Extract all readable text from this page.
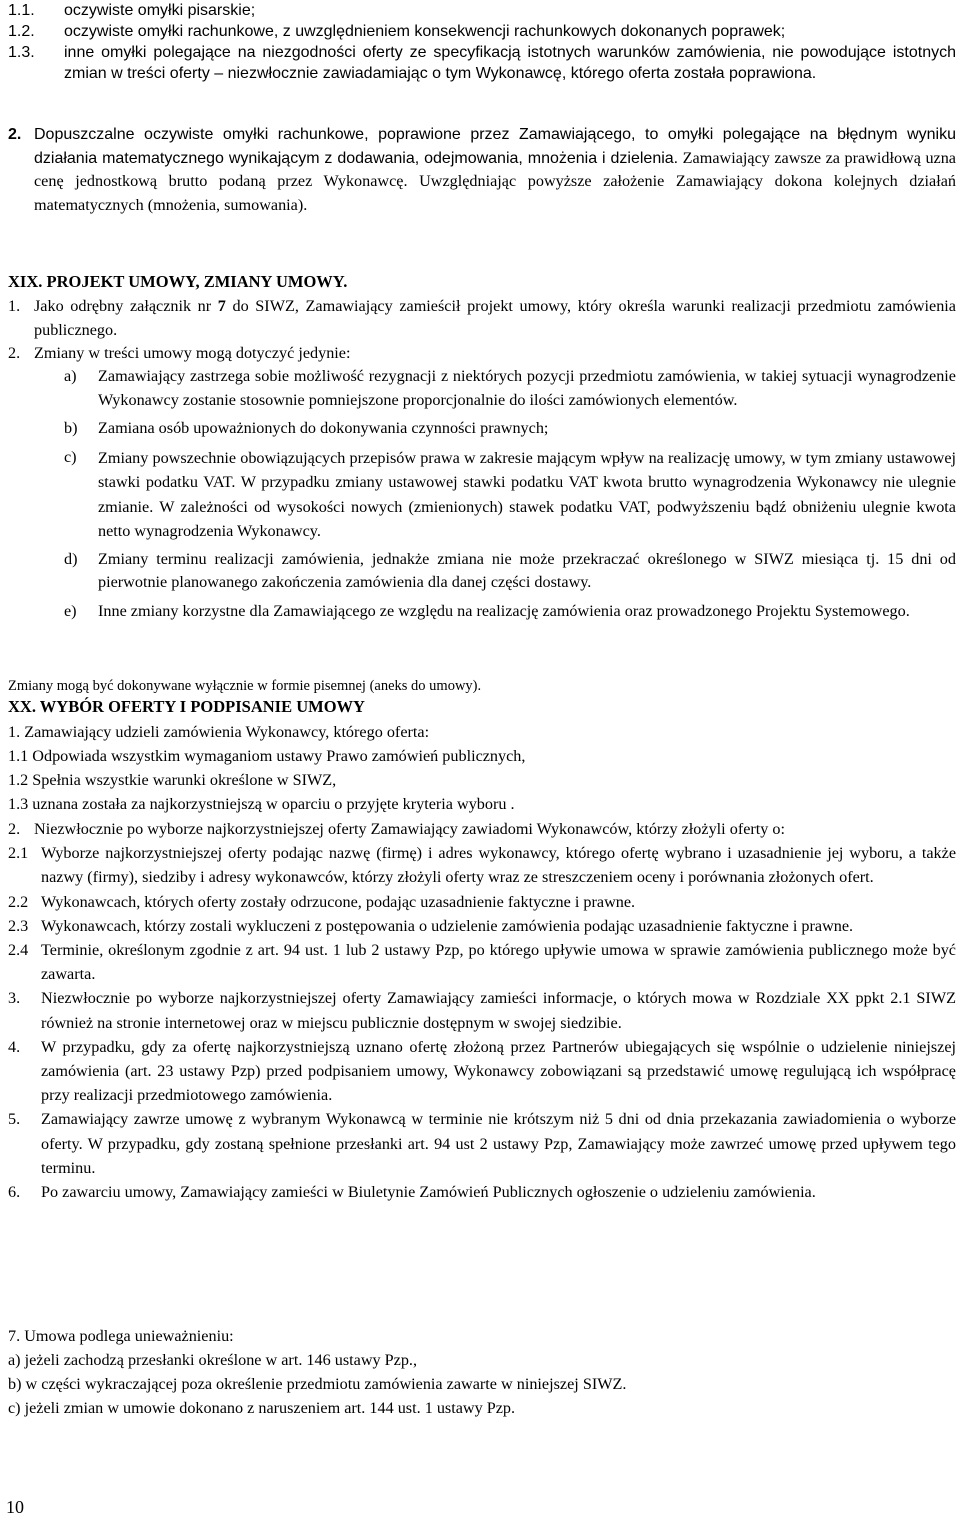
1.1.	oczywiste omyłki pisarskie;
1.2.	oczywiste omyłki rachunkowe, z uwzględnieniem konsekwencji rachunkowych dokonanych poprawek;
1.3.	inne omyłki polegające na niezgodności oferty ze specyfikacją istotnych warunków zamówienia, nie powodujące istotnych zmian w treści oferty – niezwłocznie zawiadamiając o tym Wykonawcę, którego oferta została poprawiona.
2. Dopuszczalne oczywiste omyłki rachunkowe, poprawione przez Zamawiającego, to omyłki polegające na błędnym wyniku działania matematycznego wynikającym z dodawania, odejmowania, mnożenia i dzielenia. Zamawiający zawsze za prawidłową uzna cenę jednostkową brutto podaną przez Wykonawcę. Uwzględniając powyższe założenie Zamawiający dokona kolejnych działań matematycznych (mnożenia, sumowania).

XIX. PROJEKT UMOWY, ZMIANY UMOWY.
1. Jako odrębny załącznik nr 7 do SIWZ, Zamawiający zamieścił projekt umowy, który określa warunki realizacji przedmiotu zamówienia publicznego.

2. Zmiany w treści umowy mogą dotyczyć jedynie:

a)	Zamawiający zastrzega sobie możliwość rezygnacji z niektórych pozycji przedmiotu zamówienia, w takiej sytuacji wynagrodzenie Wykonawcy zostanie stosownie pomniejszone proporcjonalnie do ilości zamówionych elementów.
b)	Zamiana osób upoważnionych do dokonywania czynności prawnych;
c)	Zmiany powszechnie obowiązujących przepisów prawa w zakresie mającym wpływ na realizację umowy, w tym zmiany ustawowej stawki podatku VAT. W przypadku zmiany ustawowej stawki podatku VAT kwota brutto wynagrodzenia Wykonawcy nie ulegnie zmianie. W zależności od wysokości nowych (zmienionych) stawek podatku VAT, podwyższeniu bądź obniżeniu ulegnie kwota netto wynagrodzenia Wykonawcy.
d)	Zmiany terminu realizacji zamówienia, jednakże zmiana nie może przekraczać określonego w SIWZ miesiąca tj. 15 dni od pierwotnie planowanego zakończenia zamówienia dla danej części dostawy.
e)	Inne zmiany korzystne dla Zamawiającego ze względu na realizację zamówienia oraz prowadzonego Projektu Systemowego.
Zmiany mogą być dokonywane wyłącznie w formie pisemnej (aneks do umowy).
XX. WYBÓR OFERTY I PODPISANIE UMOWY

1. Zamawiający udzieli zamówienia Wykonawcy, którego oferta:

1.1 Odpowiada wszystkim wymaganiom ustawy Prawo zamówień publicznych,

1.2 Spełnia wszystkie warunki określone w SIWZ,

1.3 uznana została za najkorzystniejszą w oparciu o przyjęte kryteria wyboru .

2. Niezwłocznie po wyborze najkorzystniejszej oferty Zamawiający zawiadomi Wykonawców, którzy złożyli oferty o:
2.1 Wyborze najkorzystniejszej oferty podając nazwę (firmę) i adres wykonawcy, którego ofertę wybrano i uzasadnienie jej wyboru, a także nazwy (firmy), siedziby i adresy wykonawców, którzy złożyli oferty wraz ze streszczeniem oceny i porównania złożonych ofert.
2.2 Wykonawcach, których oferty zostały odrzucone, podając uzasadnienie faktyczne i prawne.
2.3 Wykonawcach, którzy zostali wykluczeni z postępowania o udzielenie zamówienia podając uzasadnienie faktyczne i prawne.
2.4 Terminie, określonym zgodnie z art. 94 ust. 1 lub 2 ustawy Pzp, po którego upływie umowa w sprawie zamówienia publicznego może być zawarta.
3.	Niezwłocznie po wyborze najkorzystniejszej oferty Zamawiający zamieści informacje, o których mowa w Rozdziale XX ppkt 2.1 SIWZ również na stronie internetowej oraz w miejscu publicznie dostępnym w swojej siedzibie.
4.	W przypadku, gdy za ofertę najkorzystniejszą uznano ofertę złożoną przez Partnerów ubiegających się wspólnie o udzielenie niniejszej zamówienia (art. 23 ustawy Pzp) przed podpisaniem umowy, Wykonawcy zobowiązani są przedstawić umowę regulującą ich współpracę przy realizacji przedmiotowego zamówienia.
5.	Zamawiający zawrze umowę z wybranym Wykonawcą w terminie nie krótszym niż 5 dni od dnia przekazania zawiadomienia o wyborze oferty. W przypadku, gdy zostaną spełnione przesłanki art. 94 ust 2 ustawy Pzp, Zamawiający może zawrzeć umowę przed upływem tego terminu.
6.	Po zawarciu umowy, Zamawiający zamieści w Biuletynie Zamówień Publicznych ogłoszenie o udzieleniu zamówienia.

7. Umowa podlega unieważnieniu:

a) jeżeli zachodzą przesłanki określone w art. 146 ustawy Pzp.,

b) w części wykraczającej poza określenie przedmiotu zamówienia zawarte w niniejszej SIWZ.

c) jeżeli zmian w umowie dokonano z naruszeniem art. 144 ust. 1 ustawy Pzp.

10
